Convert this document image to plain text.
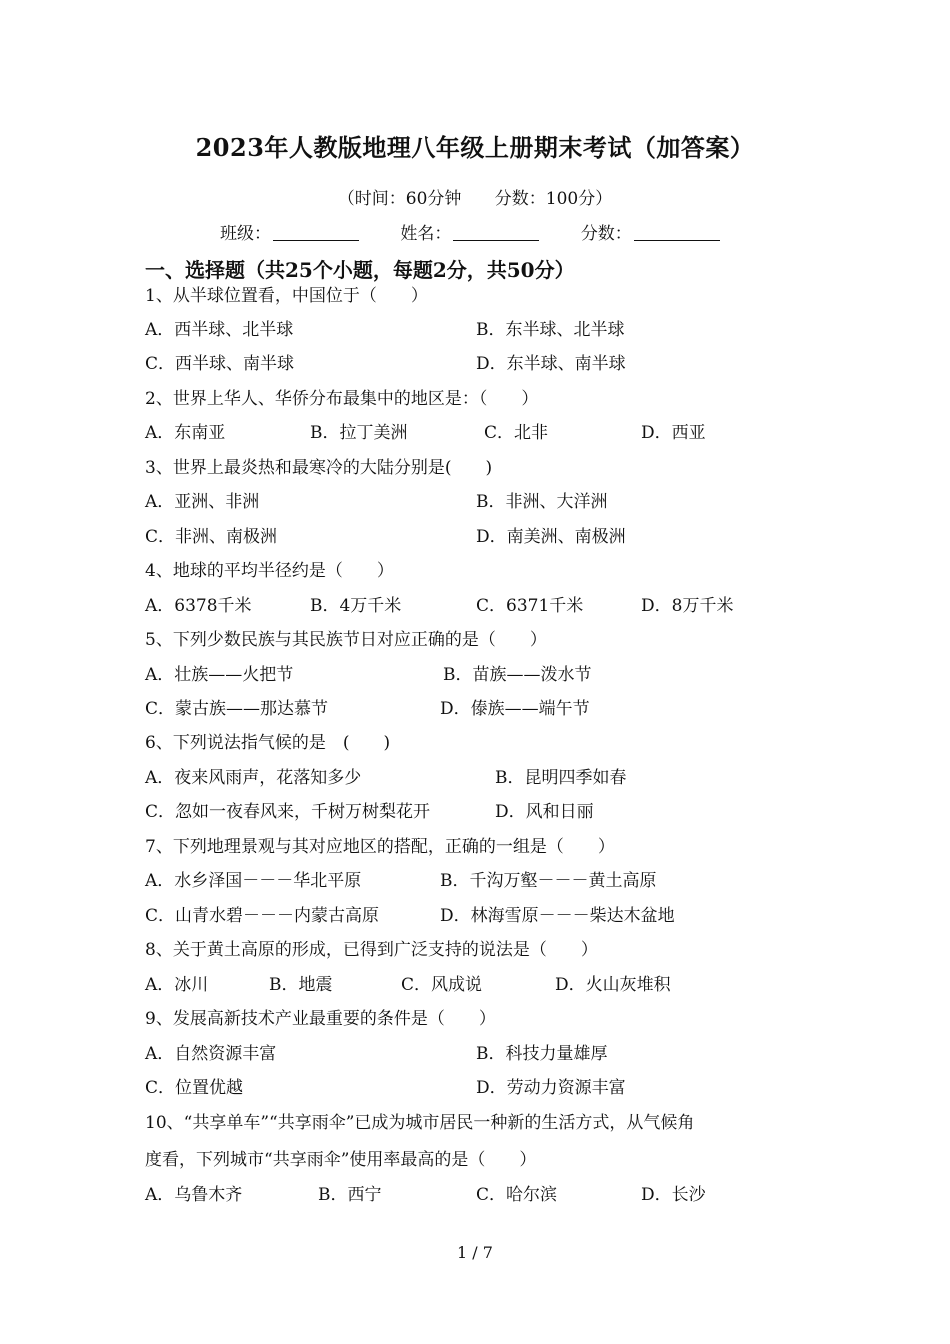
2023年人教版地理八年级上册期末考试（加答案）
（时间：60分钟 分数：100分）
班级：	姓名：	分数：
一、选择题（共25个小题，每题2分，共50分）
1、从半球位置看，中国位于（　　）
A．西半球、北半球	B．东半球、北半球
C．西半球、南半球	D．东半球、南半球
2、世界上华人、华侨分布最集中的地区是：（　　）
A．东南亚	B．拉丁美洲	C．北非	D．西亚
3、世界上最炎热和最寒冷的大陆分别是(　　)
A．亚洲、非洲	B．非洲、大洋洲
C．非洲、南极洲	D．南美洲、南极洲
4、地球的平均半径约是（　　）
A．6378千米	B．4万千米	C．6371千米	D．8万千米
5、下列少数民族与其民族节日对应正确的是（　　）
A．壮族——火把节	B．苗族——泼水节
C．蒙古族——那达慕节	D．傣族——端午节
6、下列说法指气候的是　(　　)
A．夜来风雨声，花落知多少	B．昆明四季如春
C．忽如一夜春风来，千树万树梨花开	D．风和日丽
7、下列地理景观与其对应地区的搭配，正确的一组是（　　）
A．水乡泽国－－－华北平原	B．千沟万壑－－－黄土高原
C．山青水碧－－－内蒙古高原	D．林海雪原－－－柴达木盆地
8、关于黄土高原的形成，已得到广泛支持的说法是（　　）
A．冰川	B．地震	C．风成说	D．火山灰堆积
9、发展高新技术产业最重要的条件是（　　）
A．自然资源丰富	B．科技力量雄厚
C．位置优越	D．劳动力资源丰富
10、“共享单车”“共享雨伞”已成为城市居民一种新的生活方式，从气候角
度看，下列城市“共享雨伞”使用率最高的是（　　）
A．乌鲁木齐	B．西宁	C．哈尔滨	D．长沙
1 / 7
